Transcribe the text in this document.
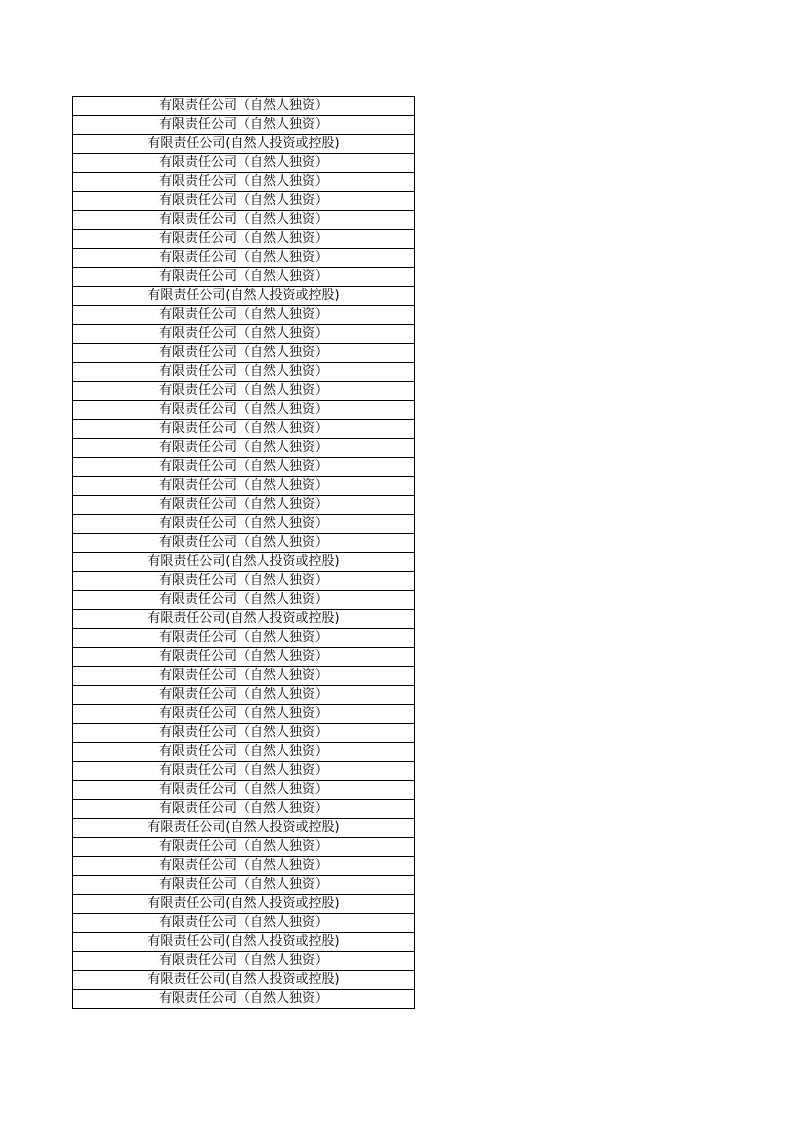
有限责任公司（自然人独资）
有限责任公司（自然人独资）
有限责任公司(自然人投资或控股)
有限责任公司（自然人独资）
有限责任公司（自然人独资）
有限责任公司（自然人独资）
有限责任公司（自然人独资）
有限责任公司（自然人独资）
有限责任公司（自然人独资）
有限责任公司（自然人独资）
有限责任公司(自然人投资或控股)
有限责任公司（自然人独资）
有限责任公司（自然人独资）
有限责任公司（自然人独资）
有限责任公司（自然人独资）
有限责任公司（自然人独资）
有限责任公司（自然人独资）
有限责任公司（自然人独资）
有限责任公司（自然人独资）
有限责任公司（自然人独资）
有限责任公司（自然人独资）
有限责任公司（自然人独资）
有限责任公司（自然人独资）
有限责任公司（自然人独资）
有限责任公司(自然人投资或控股)
有限责任公司（自然人独资）
有限责任公司（自然人独资）
有限责任公司(自然人投资或控股)
有限责任公司（自然人独资）
有限责任公司（自然人独资）
有限责任公司（自然人独资）
有限责任公司（自然人独资）
有限责任公司（自然人独资）
有限责任公司（自然人独资）
有限责任公司（自然人独资）
有限责任公司（自然人独资）
有限责任公司（自然人独资）
有限责任公司（自然人独资）
有限责任公司(自然人投资或控股)
有限责任公司（自然人独资）
有限责任公司（自然人独资）
有限责任公司（自然人独资）
有限责任公司(自然人投资或控股)
有限责任公司（自然人独资）
有限责任公司(自然人投资或控股)
有限责任公司（自然人独资）
有限责任公司(自然人投资或控股)
有限责任公司（自然人独资）
